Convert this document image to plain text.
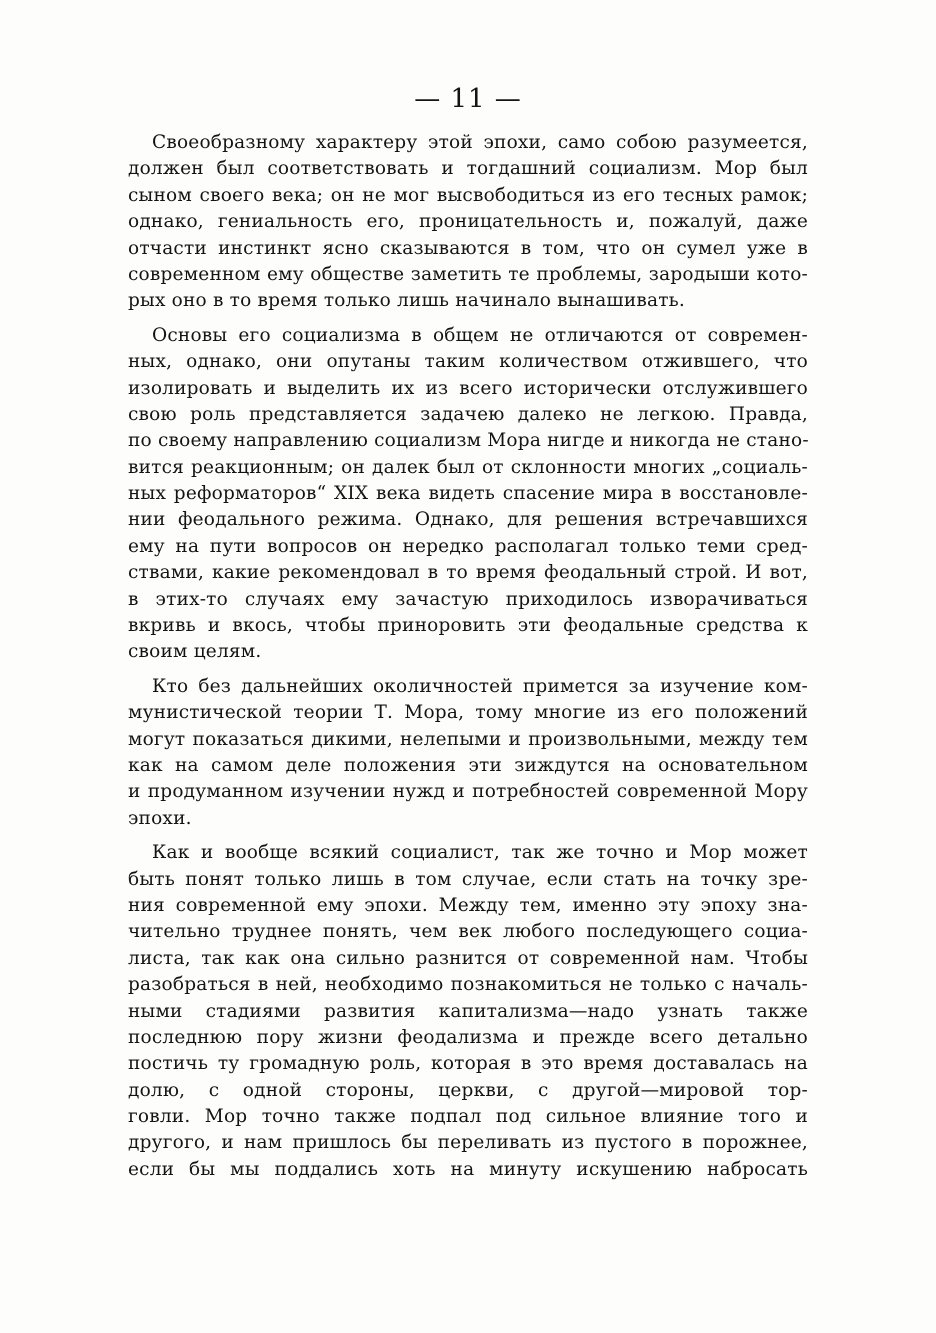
— 11 —
Своеобразному характеру этой эпохи, само собою разумеется,
должен был соответствовать и тогдашний социализм. Мор был
сыном своего века; он не мог высвободиться из его тесных рамок;
однако, гениальность его, проницательность и, пожалуй, даже
отчасти инстинкт ясно сказываются в том, что он сумел уже в
современном ему обществе заметить те проблемы, зародыши кото-
рых оно в то время только лишь начинало вынашивать.
Основы его социализма в общем не отличаются от современ-
ных, однако, они опутаны таким количеством отжившего, что
изолировать и выделить их из всего исторически отслужившего
свою роль представляется задачею далеко не легкою. Правда,
по своему направлению социализм Мора нигде и никогда не стано-
вится реакционным; он далек был от склонности многих „социаль-
ных реформаторов“ XIX века видеть спасение мира в восстановле-
нии феодального режима. Однако, для решения встречавшихся
ему на пути вопросов он нередко располагал только теми сред-
ствами, какие рекомендовал в то время феодальный строй. И вот,
в этих-то случаях ему зачастую приходилось изворачиваться
вкривь и вкось, чтобы приноровить эти феодальные средства к
своим целям.
Кто без дальнейших околичностей примется за изучение ком-
мунистической теории Т. Мора, тому многие из его положений
могут показаться дикими, нелепыми и произвольными, между тем
как на самом деле положения эти зиждутся на основательном
и продуманном изучении нужд и потребностей современной Мору
эпохи.
Как и вообще всякий социалист, так же точно и Мор может
быть понят только лишь в том случае, если стать на точку зре-
ния современной ему эпохи. Между тем, именно эту эпоху зна-
чительно труднее понять, чем век любого последующего социа-
листа, так как она сильно разнится от современной нам. Чтобы
разобраться в ней, необходимо познакомиться не только с началь-
ными стадиями развития капитализма—надо узнать также
последнюю пору жизни феодализма и прежде всего детально
постичь ту громадную роль, которая в это время доставалась на
долю, с одной стороны, церкви, с другой—мировой тор-
говли. Мор точно также подпал под сильное влияние того и
другого, и нам пришлось бы переливать из пустого в порожнее,
если бы мы поддались хоть на минуту искушению набросать
